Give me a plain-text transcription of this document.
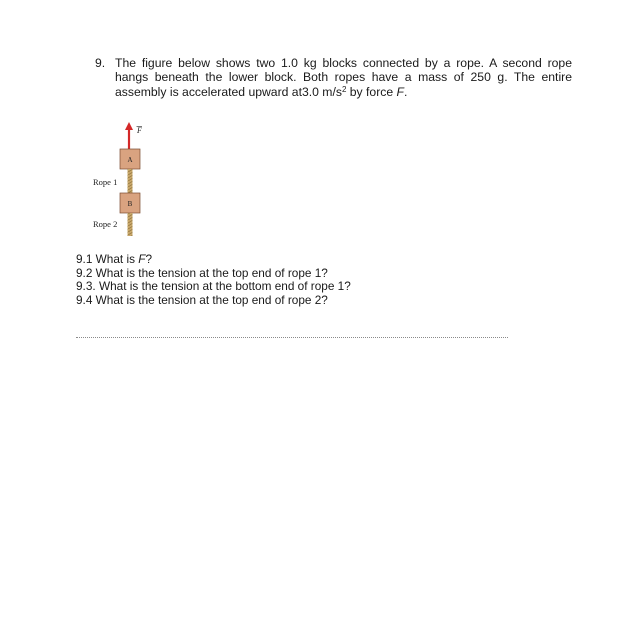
9. The figure below shows two 1.0 kg blocks connected by a rope. A second rope
hangs beneath the lower block. Both ropes have a mass of 250 g. The entire
assembly is accelerated upward at3.0 $m/s^2$ by force F.
F
A
B
Rope 1
Rope 2
9.1 What is F?
9.2 What is the tension at the top end of rope 1?
9.3. What is the tension at the bottom end of rope 1?
9.4 What is the tension at the top end of rope 2?
